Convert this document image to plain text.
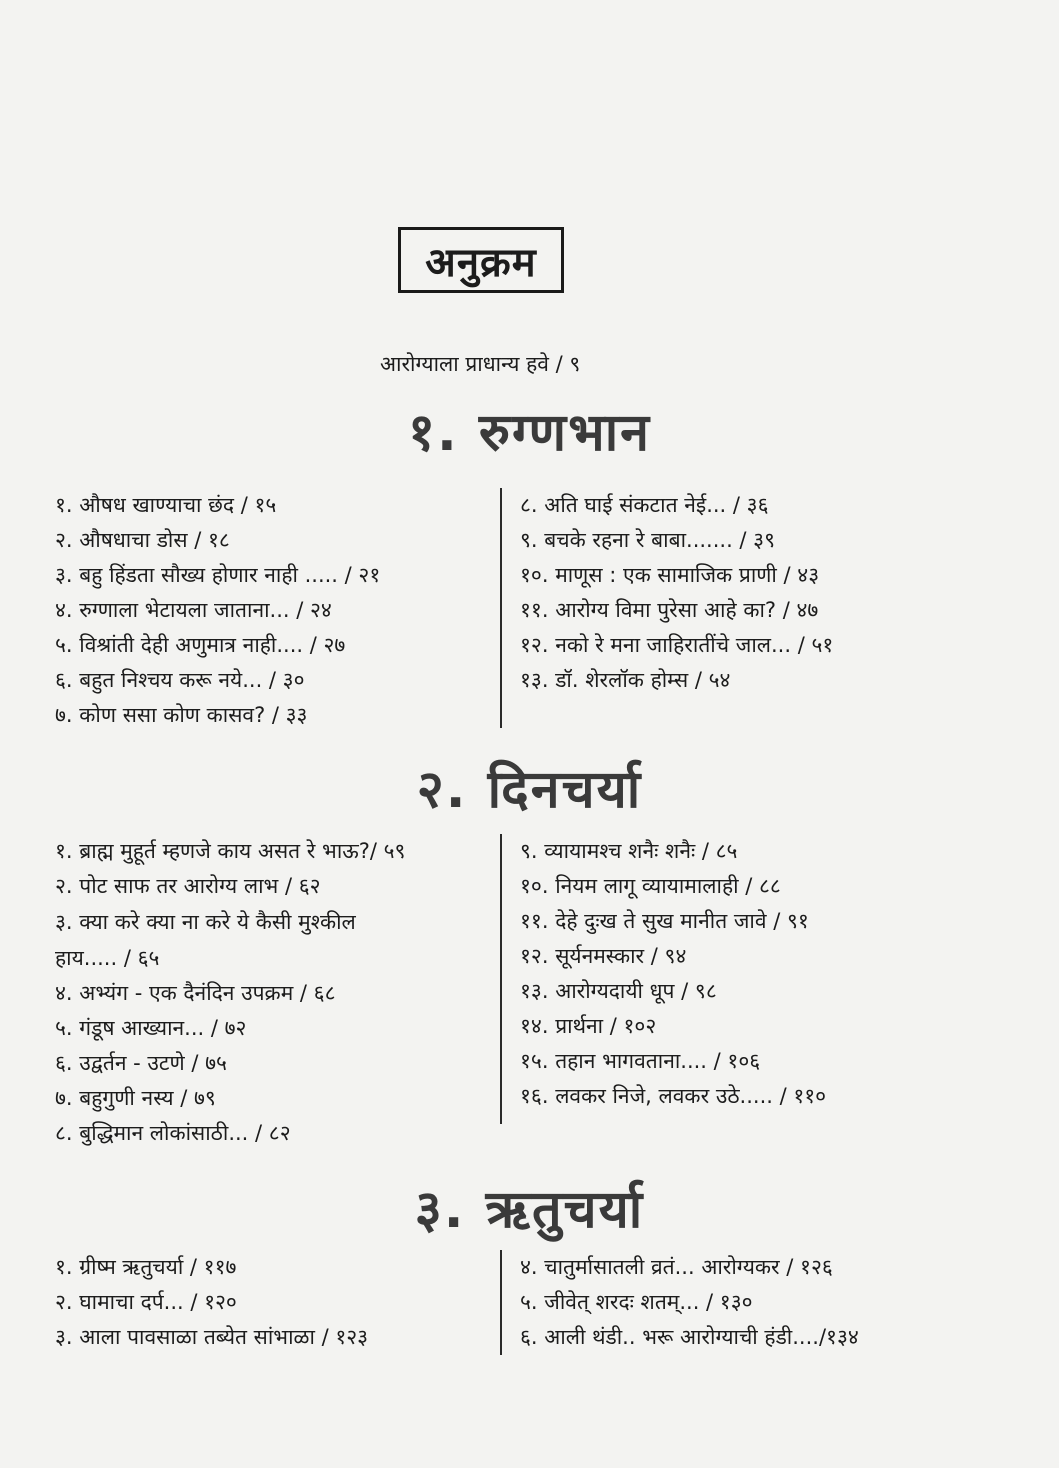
अनुक्रम
आरोग्याला प्राधान्य हवे / ९
१. रुग्णभान
१. औषध खाण्याचा छंद / १५
२. औषधाचा डोस / १८
३. बहु हिंडता सौख्य होणार नाही ..... / २१
४. रुग्णाला भेटायला जाताना... / २४
५. विश्रांती देही अणुमात्र नाही.... / २७
६. बहुत निश्चय करू नये... / ३०
७. कोण ससा कोण कासव? / ३३
८. अति घाई संकटात नेई... / ३६
९. बचके रहना रे बाबा....... / ३९
१०. माणूस : एक सामाजिक प्राणी / ४३
११. आरोग्य विमा पुरेसा आहे का? / ४७
१२. नको रे मना जाहिरातींचे जाल... / ५१
१३. डॉ. शेरलॉक होम्स / ५४
२. दिनचर्या
१. ब्राह्म मुहूर्त म्हणजे काय असत रे भाऊ?/ ५९
२. पोट साफ तर आरोग्य लाभ / ६२
३. क्या करे क्या ना करे ये कैसी मुश्कील हाय..... / ६५
४. अभ्यंग - एक दैनंदिन उपक्रम / ६८
५. गंडूष आख्यान... / ७२
६. उद्वर्तन - उटणे / ७५
७. बहुगुणी नस्य / ७९
८. बुद्धिमान लोकांसाठी... / ८२
९. व्यायामश्च शनैः शनैः / ८५
१०. नियम लागू व्यायामालाही / ८८
११. देहे दुःख ते सुख मानीत जावे / ९१
१२. सूर्यनमस्कार / ९४
१३. आरोग्यदायी धूप / ९८
१४. प्रार्थना / १०२
१५. तहान भागवताना.... / १०६
१६. लवकर निजे, लवकर उठे..... / ११०
३. ऋतुचर्या
१. ग्रीष्म ऋतुचर्या / ११७
२. घामाचा दर्प... / १२०
३. आला पावसाळा तब्येत सांभाळा / १२३
४. चातुर्मासातली व्रतं... आरोग्यकर / १२६
५. जीवेत् शरदः शतम्... / १३०
६. आली थंडी.. भरू आरोग्याची हंडी..../१३४
